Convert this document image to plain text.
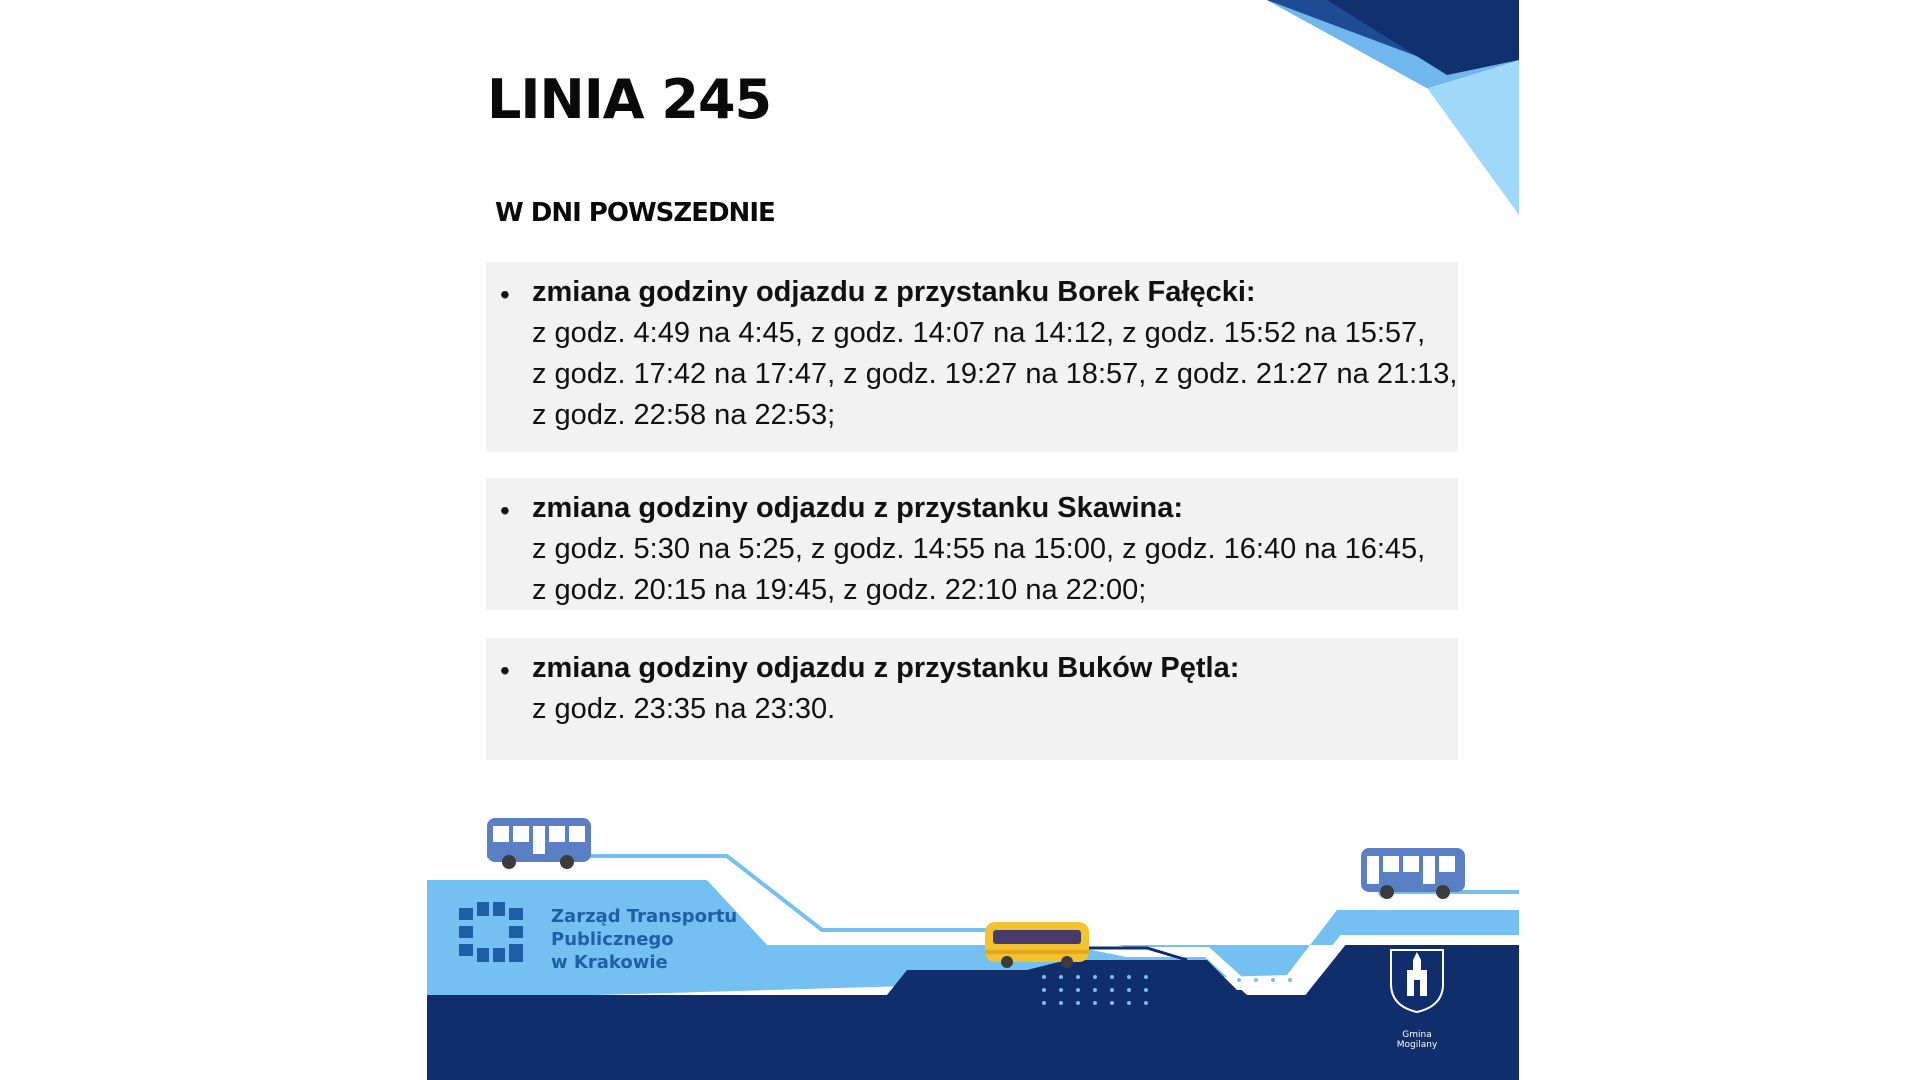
LINIA 245
W DNI POWSZEDNIE
• zmiana godziny odjazdu z przystanku Borek Fałęcki:
z godz. 4:49 na 4:45, z godz. 14:07 na 14:12, z godz. 15:52 na 15:57,
z godz. 17:42 na 17:47, z godz. 19:27 na 18:57, z godz. 21:27 na 21:13,
z godz. 22:58 na 22:53;
• zmiana godziny odjazdu z przystanku Skawina:
z godz. 5:30 na 5:25, z godz. 14:55 na 15:00, z godz. 16:40 na 16:45,
z godz. 20:15 na 19:45, z godz. 22:10 na 22:00;
• zmiana godziny odjazdu z przystanku Buków Pętla:
z godz. 23:35 na 23:30.
Zarząd Transportu
Publicznego
w Krakowie
Gmina
Mogilany
